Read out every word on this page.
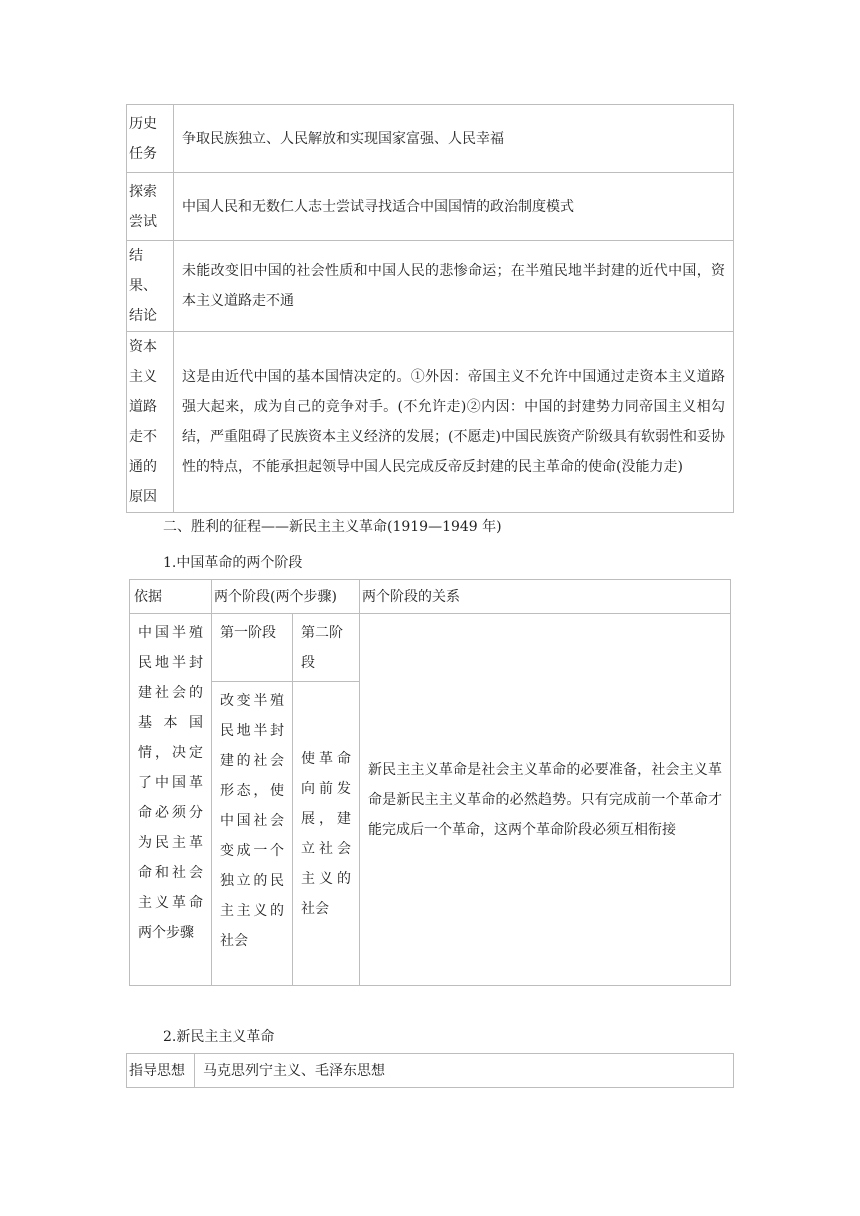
历史任务	争取民族独立、人民解放和实现国家富强、人民幸福
探索尝试	中国人民和无数仁人志士尝试寻找适合中国国情的政治制度模式
结果、结论	未能改变旧中国的社会性质和中国人民的悲惨命运；在半殖民地半封建的近代中国，资本主义道路走不通
资本主义道路走不通的原因	这是由近代中国的基本国情决定的。①外因：帝国主义不允许中国通过走资本主义道路强大起来，成为自己的竞争对手。(不允许走)②内因：中国的封建势力同帝国主义相勾结，严重阻碍了民族资本主义经济的发展；(不愿走)中国民族资产阶级具有软弱性和妥协性的特点，不能承担起领导中国人民完成反帝反封建的民主革命的使命(没能力走)
二、胜利的征程——新民主主义革命(1919—1949 年)
1.中国革命的两个阶段
依据	两个阶段(两个步骤)		两个阶段的关系
中国半殖民地半封建社会的基本国情，决定了中国革命必须分为民主革命和社会主义革命两个步骤	第一阶段	第二阶段	新民主主义革命是社会主义革命的必要准备，社会主义革命是新民主主义革命的必然趋势。只有完成前一个革命才能完成后一个革命，这两个革命阶段必须互相衔接
	改变半殖民地半封建的社会形态，使中国社会变成一个独立的民主主义的社会	使革命向前发展，建立社会主义的社会	
2.新民主主义革命
指导思想	马克思列宁主义、毛泽东思想
